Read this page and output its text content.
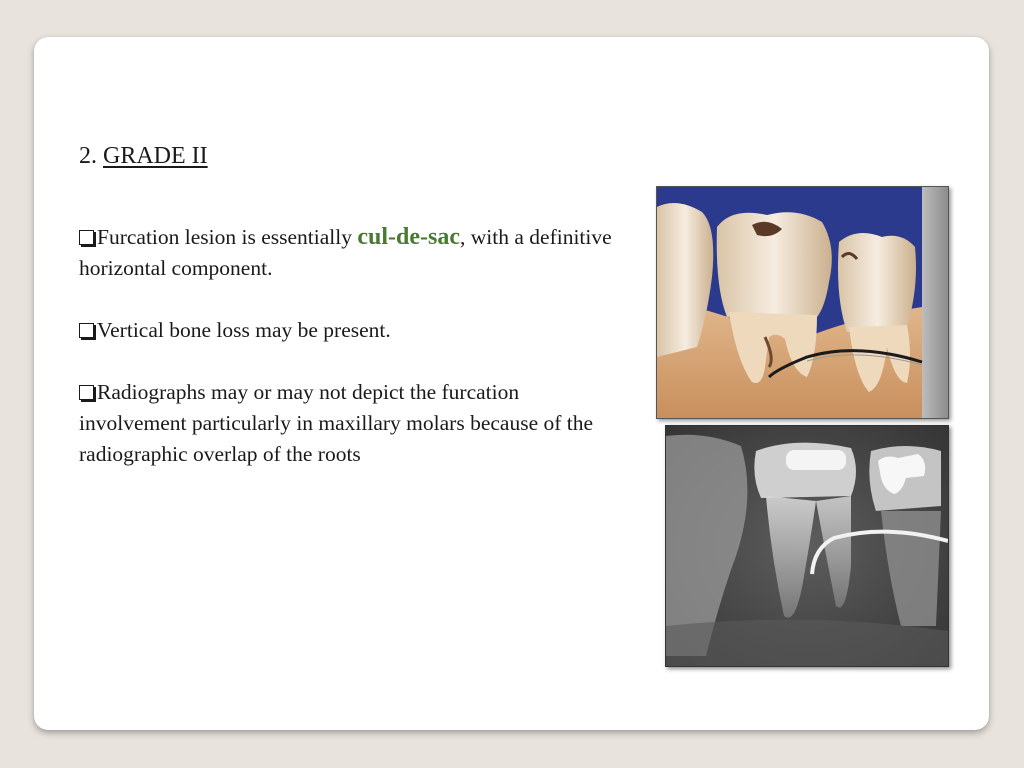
2. GRADE II
Furcation lesion is essentially cul-de-sac, with a definitive horizontal component.
Vertical bone loss may be present.
Radiographs may or may not depict the furcation involvement particularly in maxillary molars because of the radiographic overlap of the roots
